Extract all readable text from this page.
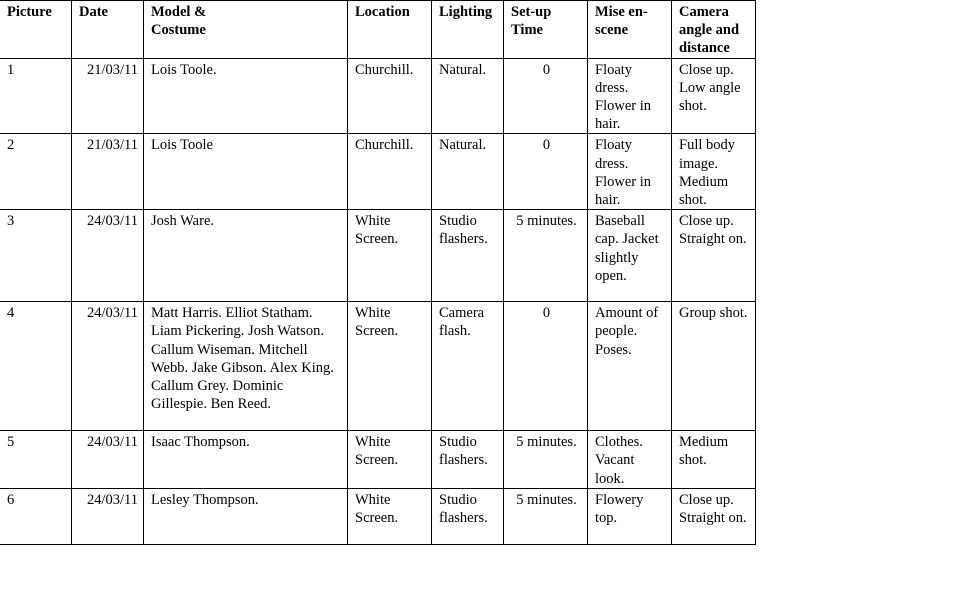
Picture	Date	Model & Costume	Location	Lighting	Set-up Time	Mise en-scene	Camera angle and distance
1	21/03/11	Lois Toole.	Churchill.	Natural.	0	Floaty dress. Flower in hair.	Close up. Low angle shot.
2	21/03/11	Lois Toole	Churchill.	Natural.	0	Floaty dress. Flower in hair.	Full body image. Medium shot.
3	24/03/11	Josh Ware.	White Screen.	Studio flashers.	5 minutes.	Baseball cap. Jacket slightly open.	Close up. Straight on.
4	24/03/11	Matt Harris. Elliot Statham. Liam Pickering. Josh Watson. Callum Wiseman. Mitchell Webb. Jake Gibson. Alex King. Callum Grey. Dominic Gillespie. Ben Reed.	White Screen.	Camera flash.	0	Amount of people. Poses.	Group shot.
5	24/03/11	Isaac Thompson.	White Screen.	Studio flashers.	5 minutes.	Clothes. Vacant look.	Medium shot.
6	24/03/11	Lesley Thompson.	White Screen.	Studio flashers.	5 minutes.	Flowery top.	Close up. Straight on.
